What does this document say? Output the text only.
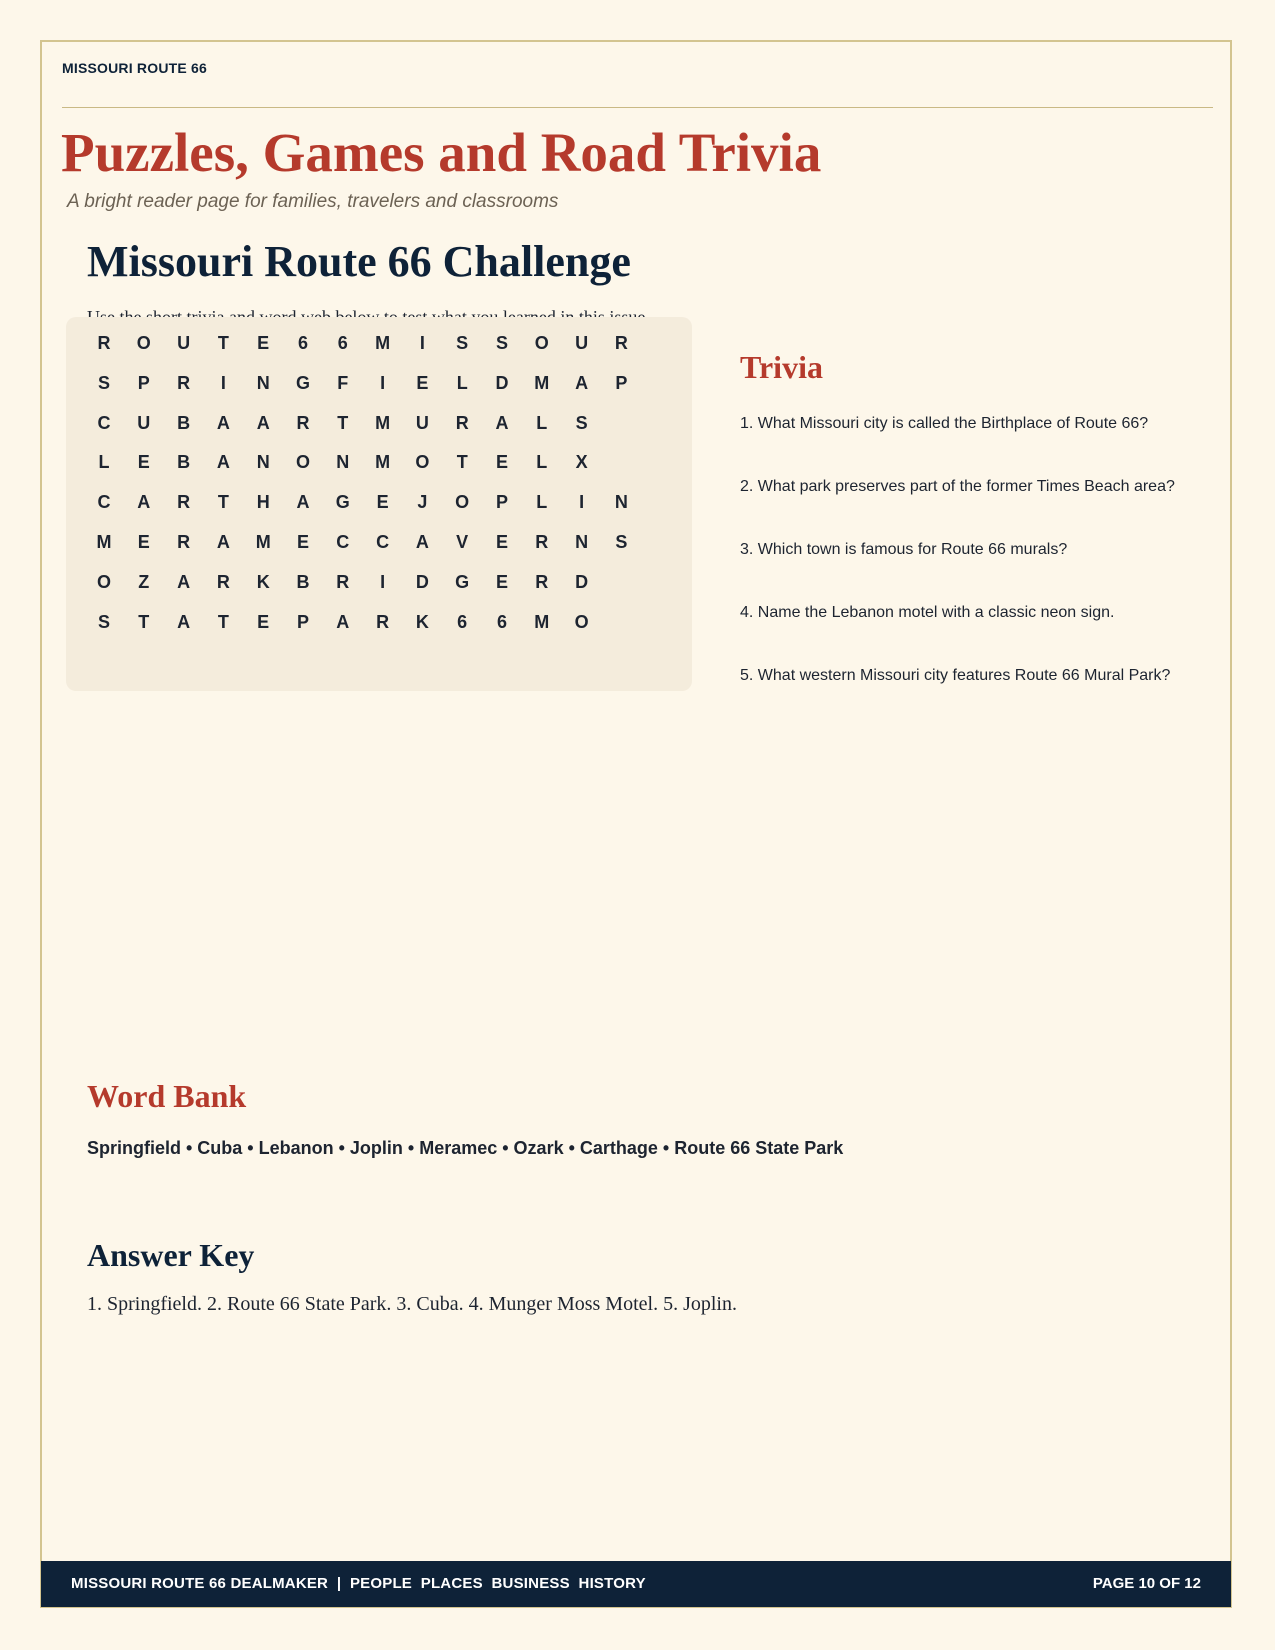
MISSOURI ROUTE 66
Puzzles, Games and Road Trivia
A bright reader page for families, travelers and classrooms
Missouri Route 66 Challenge
R	O	U	T	E	6	6	M	I	S	S	O	U	R
S	P	R	I	N	G	F	I	E	L	D	M	A	P
C	U	B	A	A	R	T	M	U	R	A	L	S
L	E	B	A	N	O	N	M	O	T	E	L	X
C	A	R	T	H	A	G	E	J	O	P	L	I	N
M	E	R	A	M	E	C	C	A	V	E	R	N	S
O	Z	A	R	K	B	R	I	D	G	E	R	D
S	T	A	T	E	P	A	R	K	6	6	M	O
Trivia
1. What Missouri city is called the Birthplace of Route 66?
2. What park preserves part of the former Times Beach area?
3. Which town is famous for Route 66 murals?
4. Name the Lebanon motel with a classic neon sign.
5. What western Missouri city features Route 66 Mural Park?
Word Bank
Springfield • Cuba • Lebanon • Joplin • Meramec • Ozark • Carthage • Route 66 State Park
Answer Key
1. Springfield. 2. Route 66 State Park. 3. Cuba. 4. Munger Moss Motel. 5. Joplin.
MISSOURI ROUTE 66 DEALMAKER  |  PEOPLE  PLACES  BUSINESS  HISTORY	PAGE 10 OF 12
